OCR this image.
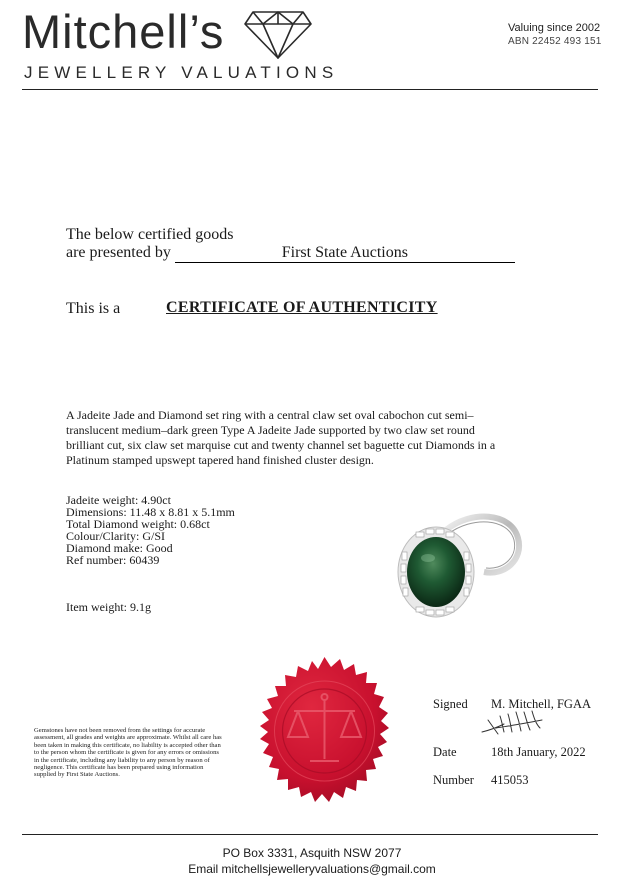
Mitchell’s
JEWELLERY VALUATIONS
Valuing since 2002
ABN 22452 493 151
The below certified goods
are presented by	First State Auctions
This is a	CERTIFICATE OF AUTHENTICITY
A Jadeite Jade and Diamond set ring with a central claw set oval cabochon cut semi–translucent medium–dark green Type A Jadeite Jade supported by two claw set round brilliant cut, six claw set marquise cut and twenty channel set baguette cut Diamonds in a Platinum stamped upswept tapered hand finished cluster design.
Jadeite weight: 4.90ct
Dimensions: 11.48 x 8.81 x 5.1mm
Total Diamond weight: 0.68ct
Colour/Clarity: G/SI
Diamond make: Good
Ref number: 60439
Item weight: 9.1g
Gemstones have not been removed from the settings for accurate assessment, all grades and weights are approximate. Whilst all care has been taken in making this certificate, no liability is accepted other than to the person whom the certificate is given for any errors or omissions in the certificate, including any liability to any person by reason of negligence. This certificate has been prepared using information supplied by First State Auctions.
Signed M. Mitchell, FGAA
Date	18th January, 2022
Number 415053
PO Box 3331, Asquith NSW 2077
Email mitchellsjewelleryvaluations@gmail.com
